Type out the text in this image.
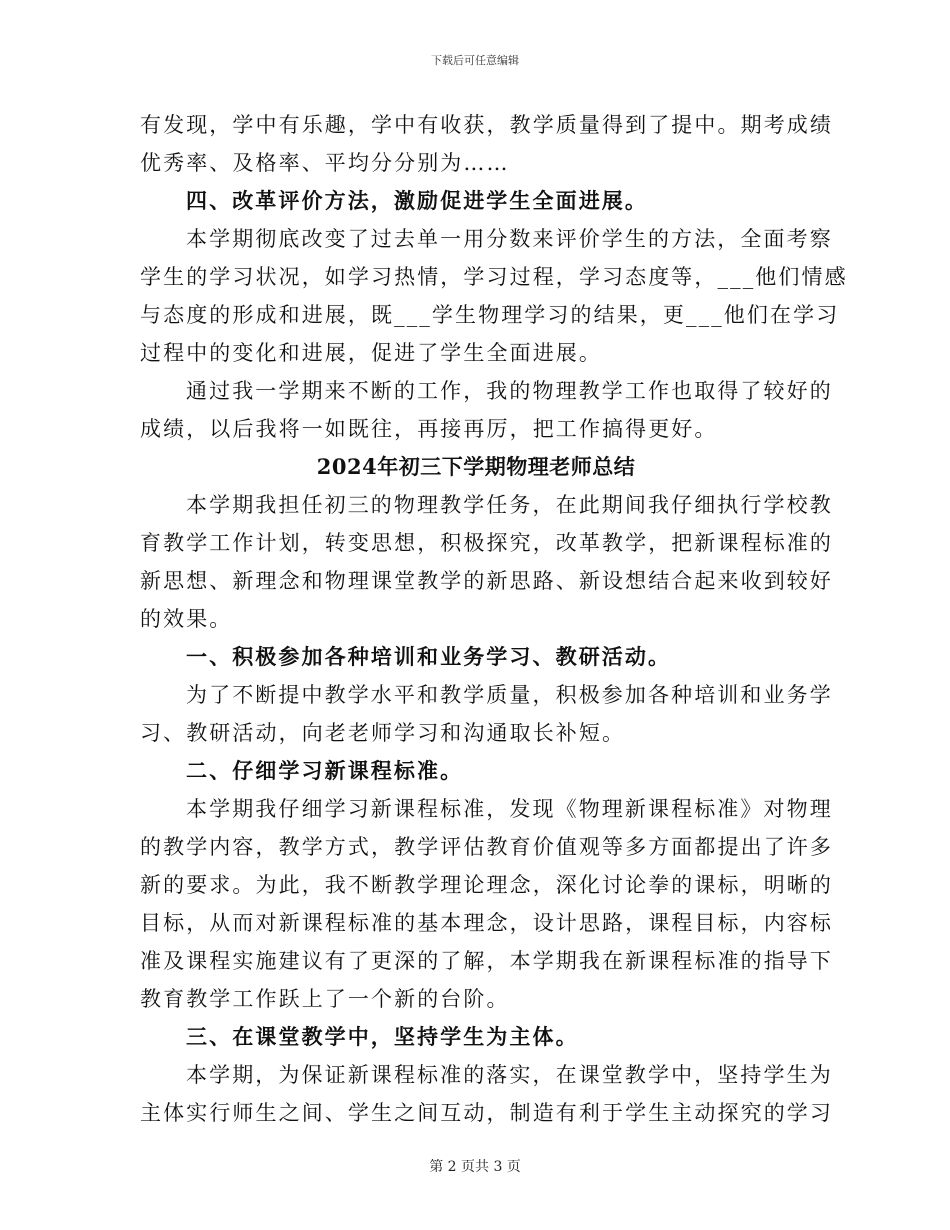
下载后可任意编辑
有发现，学中有乐趣，学中有收获，教学质量得到了提中。期考成绩
优秀率、及格率、平均分分别为……
四、改革评价方法，激励促进学生全面进展。
本学期彻底改变了过去单一用分数来评价学生的方法，全面考察
学生的学习状况，如学习热情，学习过程，学习态度等，___他们情感
与态度的形成和进展，既___学生物理学习的结果，更___他们在学习
过程中的变化和进展，促进了学生全面进展。
通过我一学期来不断的工作，我的物理教学工作也取得了较好的
成绩，以后我将一如既往，再接再厉，把工作搞得更好。
2024年初三下学期物理老师总结
本学期我担任初三的物理教学任务，在此期间我仔细执行学校教
育教学工作计划，转变思想，积极探究，改革教学，把新课程标准的
新思想、新理念和物理课堂教学的新思路、新设想结合起来收到较好
的效果。
一、积极参加各种培训和业务学习、教研活动。
为了不断提中教学水平和教学质量，积极参加各种培训和业务学
习、教研活动，向老老师学习和沟通取长补短。
二、仔细学习新课程标准。
本学期我仔细学习新课程标准，发现《物理新课程标准》对物理
的教学内容，教学方式，教学评估教育价值观等多方面都提出了许多
新的要求。为此，我不断教学理论理念，深化讨论拳的课标，明晰的
目标，从而对新课程标准的基本理念，设计思路，课程目标，内容标
准及课程实施建议有了更深的了解，本学期我在新课程标准的指导下
教育教学工作跃上了一个新的台阶。
三、在课堂教学中，坚持学生为主体。
本学期，为保证新课程标准的落实，在课堂教学中，坚持学生为
主体实行师生之间、学生之间互动，制造有利于学生主动探究的学习
第 2 页共 3 页
